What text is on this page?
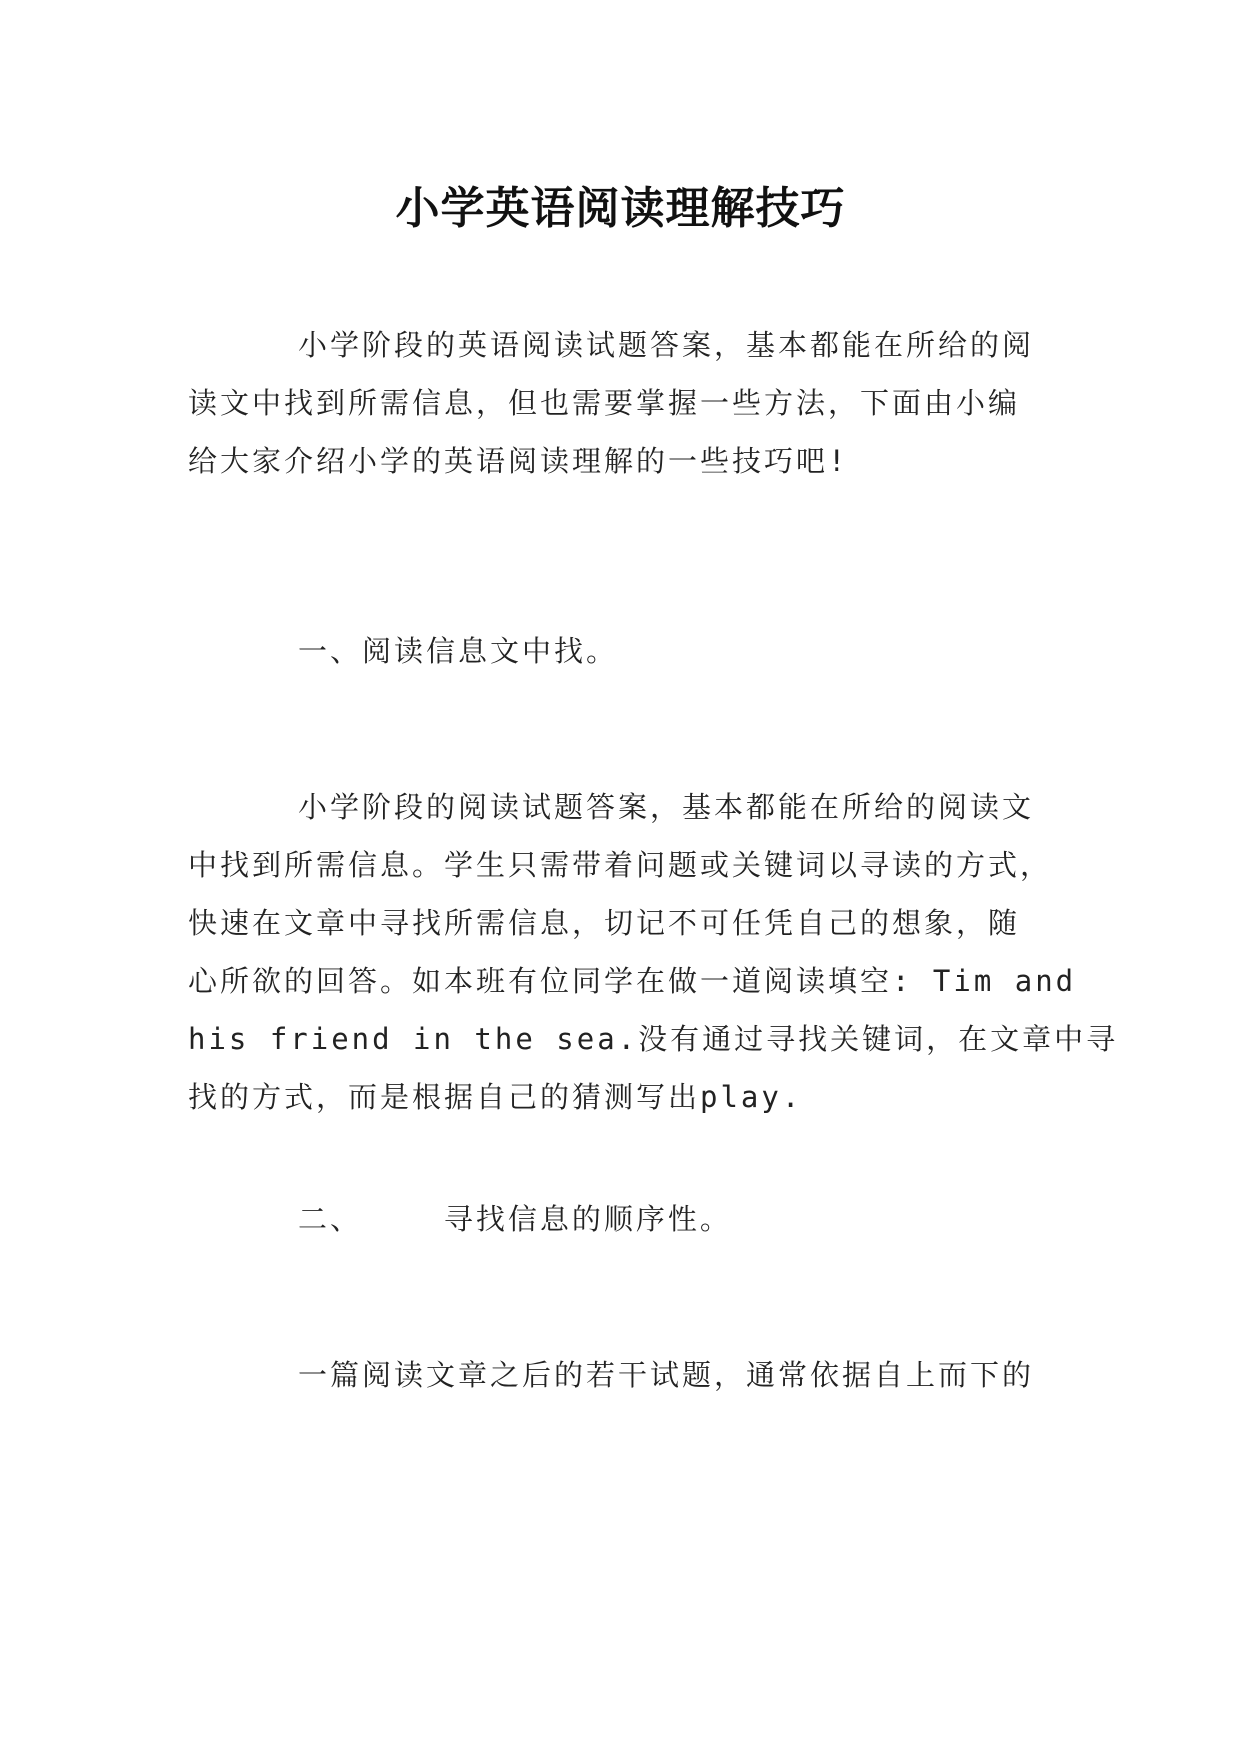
小学英语阅读理解技巧

小学阶段的英语阅读试题答案，基本都能在所给的阅
读文中找到所需信息，但也需要掌握一些方法，下面由小编
给大家介绍小学的英语阅读理解的一些技巧吧!

一、阅读信息文中找。

小学阶段的阅读试题答案，基本都能在所给的阅读文
中找到所需信息。学生只需带着问题或关键词以寻读的方式，
快速在文章中寻找所需信息，切记不可任凭自己的想象，随
心所欲的回答。如本班有位同学在做一道阅读填空: Tim and
his friend in the sea.没有通过寻找关键词，在文章中寻
找的方式，而是根据自己的猜测写出play.

二、    寻找信息的顺序性。

一篇阅读文章之后的若干试题，通常依据自上而下的
